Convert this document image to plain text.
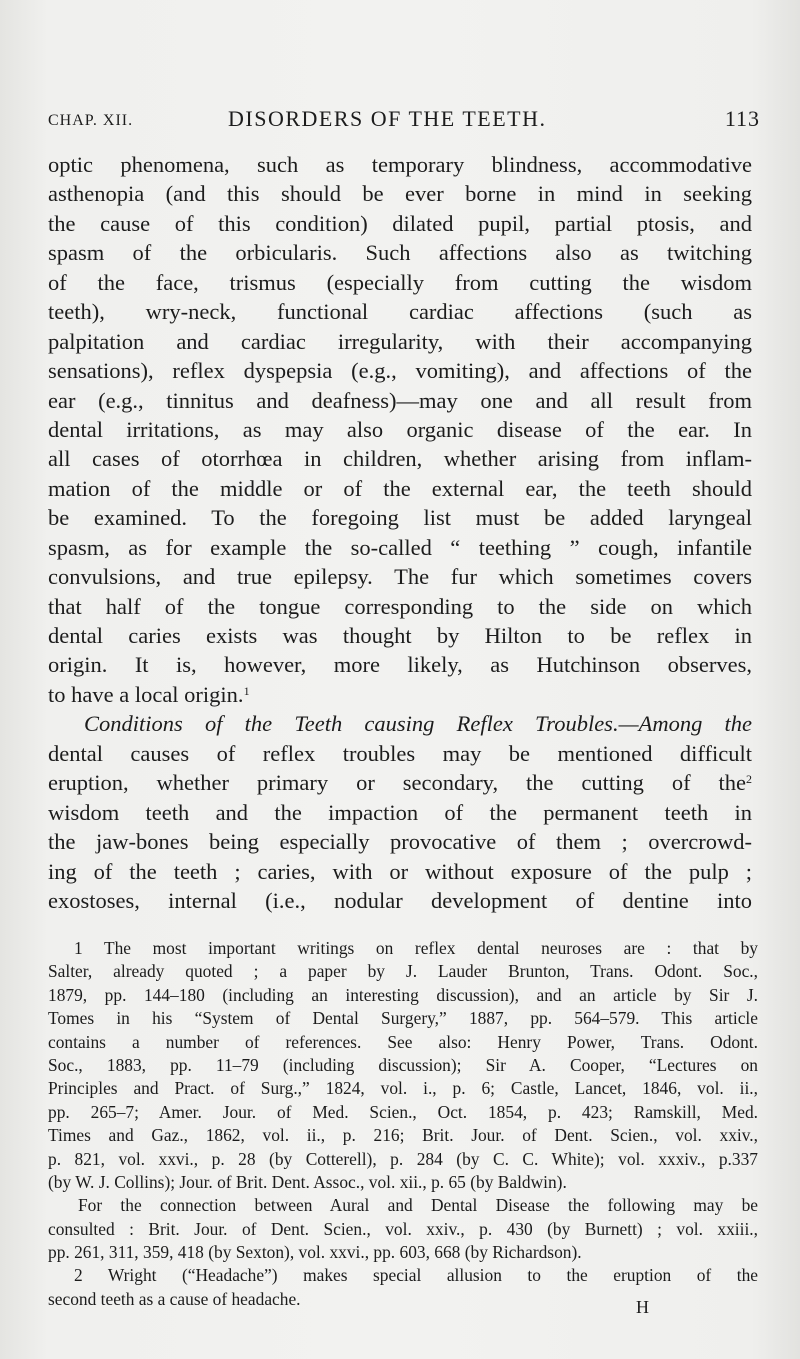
CHAP. XII.	DISORDERS OF THE TEETH.	113
optic phenomena, such as temporary blindness, accommodative
asthenopia (and this should be ever borne in mind in seeking
the cause of this condition) dilated pupil, partial ptosis, and
spasm of the orbicularis. Such affections also as twitching
of the face, trismus (especially from cutting the wisdom
teeth), wry-neck, functional cardiac affections (such as
palpitation and cardiac irregularity, with their accompanying
sensations), reflex dyspepsia (e.g., vomiting), and affections of the
ear (e.g., tinnitus and deafness)—may one and all result from
dental irritations, as may also organic disease of the ear. In
all cases of otorrhœa in children, whether arising from inflam-
mation of the middle or of the external ear, the teeth should
be examined. To the foregoing list must be added laryngeal
spasm, as for example the so-called “ teething ” cough, infantile
convulsions, and true epilepsy. The fur which sometimes covers
that half of the tongue corresponding to the side on which
dental caries exists was thought by Hilton to be reflex in
origin. It is, however, more likely, as Hutchinson observes,
to have a local origin.$^1$
Conditions of the Teeth causing Reflex Troubles.—Among the
dental causes of reflex troubles may be mentioned difficult
eruption, whether primary or secondary, the cutting of the$^2$
wisdom teeth and the impaction of the permanent teeth in
the jaw-bones being especially provocative of them ; overcrowd-
ing of the teeth ; caries, with or without exposure of the pulp ;
exostoses, internal (i.e., nodular development of dentine into
1 The most important writings on reflex dental neuroses are : that by
Salter, already quoted ; a paper by J. Lauder Brunton, Trans. Odont. Soc.,
1879, pp. 144–180 (including an interesting discussion), and an article by Sir J.
Tomes in his “System of Dental Surgery,” 1887, pp. 564–579. This article
contains a number of references. See also: Henry Power, Trans. Odont.
Soc., 1883, pp. 11–79 (including discussion); Sir A. Cooper, “Lectures on
Principles and Pract. of Surg.,” 1824, vol. i., p. 6; Castle, Lancet, 1846, vol. ii.,
pp. 265–7; Amer. Jour. of Med. Scien., Oct. 1854, p. 423; Ramskill, Med.
Times and Gaz., 1862, vol. ii., p. 216; Brit. Jour. of Dent. Scien., vol. xxiv.,
p. 821, vol. xxvi., p. 28 (by Cotterell), p. 284 (by C. C. White); vol. xxxiv., p.337
(by W. J. Collins); Jour. of Brit. Dent. Assoc., vol. xii., p. 65 (by Baldwin).
For the connection between Aural and Dental Disease the following may be
consulted : Brit. Jour. of Dent. Scien., vol. xxiv., p. 430 (by Burnett) ; vol. xxiii.,
pp. 261, 311, 359, 418 (by Sexton), vol. xxvi., pp. 603, 668 (by Richardson).
2 Wright (“Headache”) makes special allusion to the eruption of the
second teeth as a cause of headache.	H
